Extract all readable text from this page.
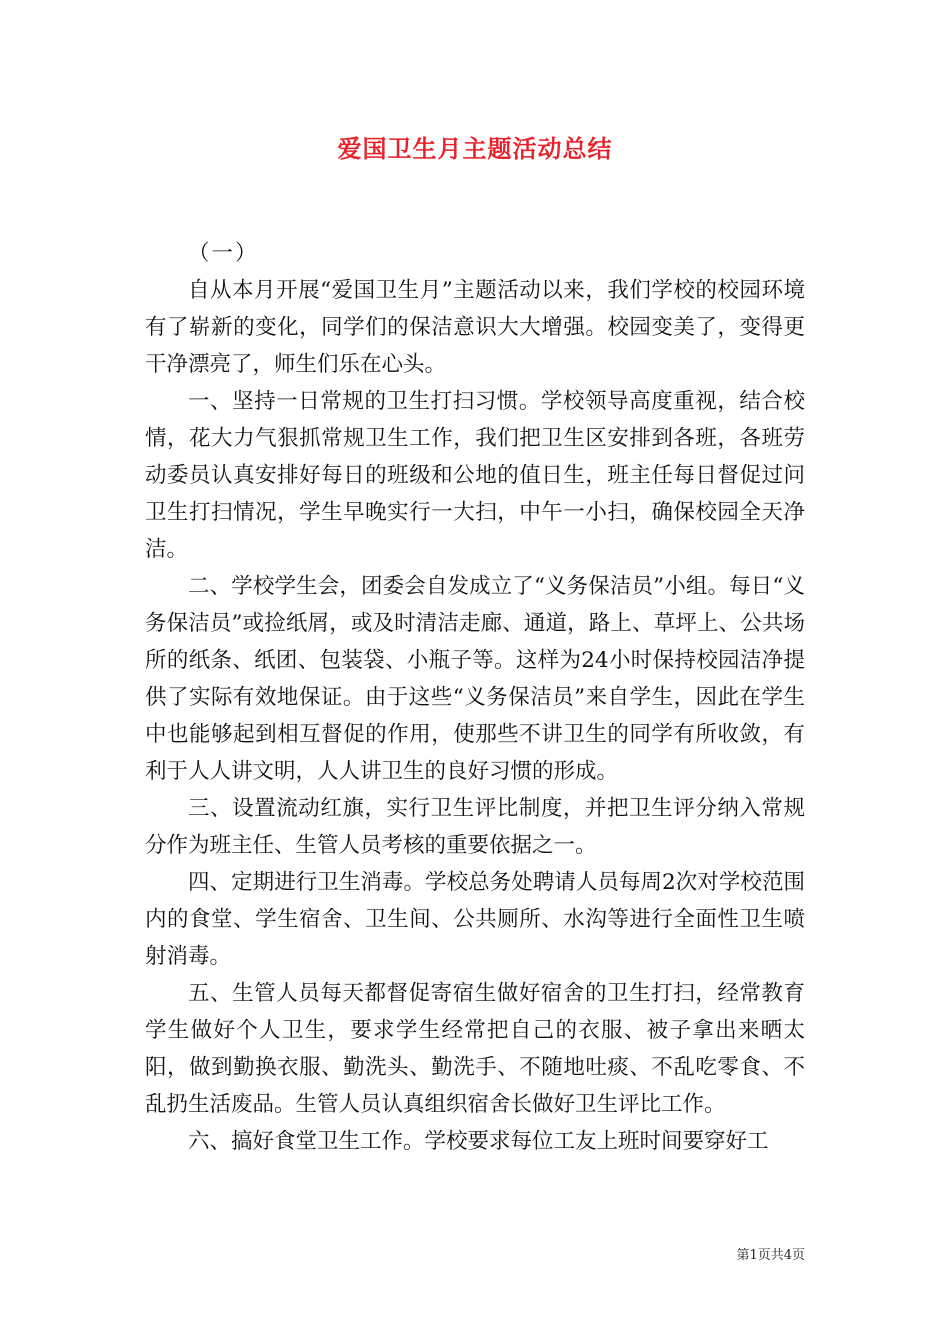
爱国卫生月主题活动总结

（一）

自从本月开展“爱国卫生月”主题活动以来，我们学校的校园环境有了崭新的变化，同学们的保洁意识大大增强。校园变美了，变得更干净漂亮了，师生们乐在心头。

一、坚持一日常规的卫生打扫习惯。学校领导高度重视，结合校情，花大力气狠抓常规卫生工作，我们把卫生区安排到各班，各班劳动委员认真安排好每日的班级和公地的值日生，班主任每日督促过问卫生打扫情况，学生早晚实行一大扫，中午一小扫，确保校园全天净洁。

二、学校学生会，团委会自发成立了“义务保洁员”小组。每日“义务保洁员”或捡纸屑，或及时清洁走廊、通道，路上、草坪上、公共场所的纸条、纸团、包装袋、小瓶子等。这样为24小时保持校园洁净提供了实际有效地保证。由于这些“义务保洁员”来自学生，因此在学生中也能够起到相互督促的作用，使那些不讲卫生的同学有所收敛，有利于人人讲文明，人人讲卫生的良好习惯的形成。

三、设置流动红旗，实行卫生评比制度，并把卫生评分纳入常规分作为班主任、生管人员考核的重要依据之一。

四、定期进行卫生消毒。学校总务处聘请人员每周2次对学校范围内的食堂、学生宿舍、卫生间、公共厕所、水沟等进行全面性卫生喷射消毒。

五、生管人员每天都督促寄宿生做好宿舍的卫生打扫，经常教育学生做好个人卫生，要求学生经常把自己的衣服、被子拿出来晒太阳，做到勤换衣服、勤洗头、勤洗手、不随地吐痰、不乱吃零食、不乱扔生活废品。生管人员认真组织宿舍长做好卫生评比工作。

六、搞好食堂卫生工作。学校要求每位工友上班时间要穿好工

第1页共4页
